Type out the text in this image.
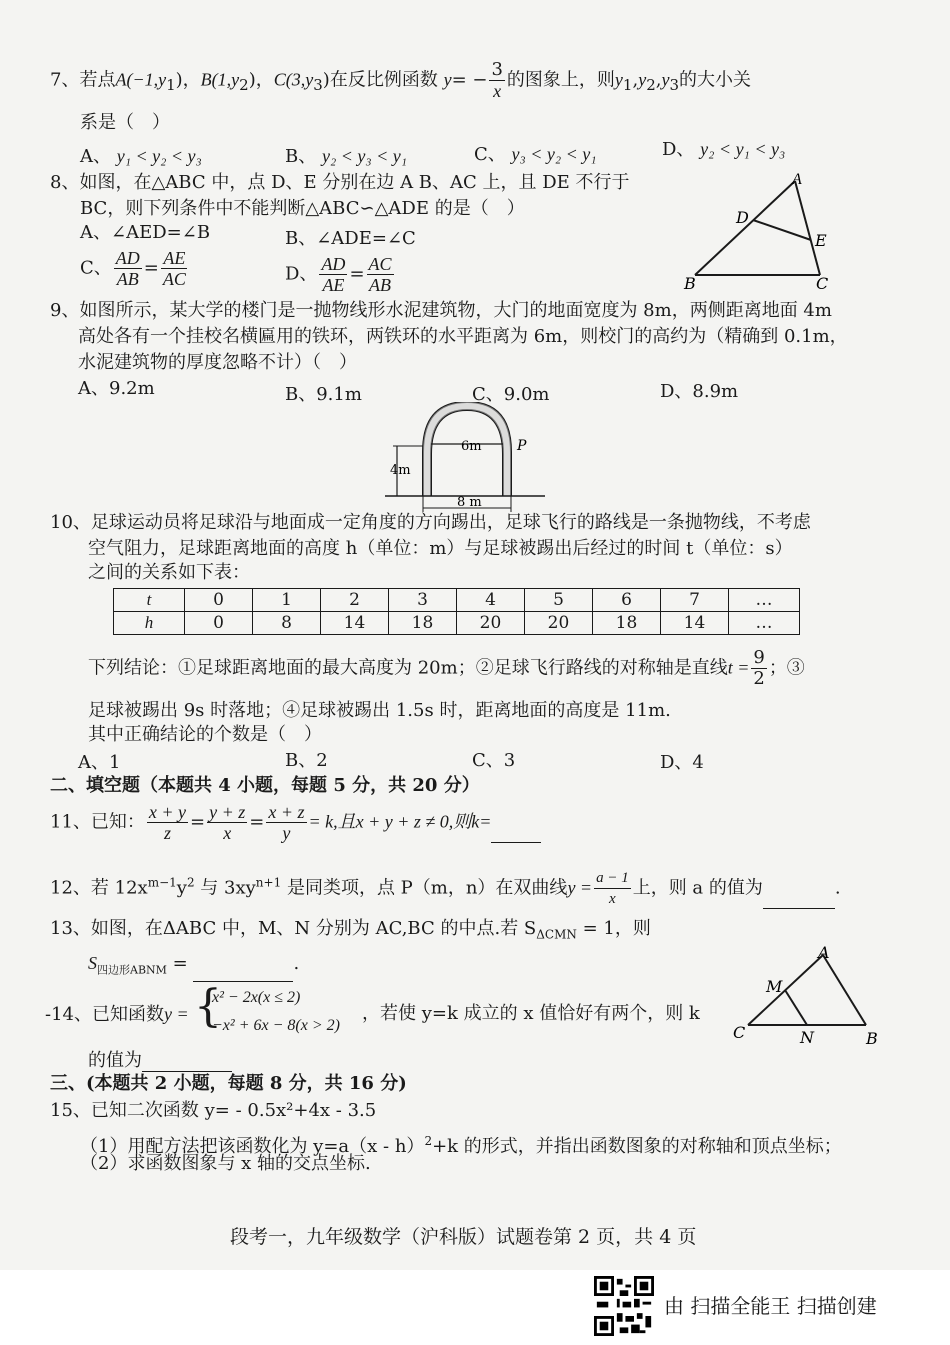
7、若点$A(-1,y_1)$，$B(1,y_2)$，$C(3,y_3)$在反比例函数 $y= - \frac{3}{x}$ 的图象上，则$y_1,y_2,y_3$的大小关
系是（　）
A、 y₁ < y₂ < y₃	B、 y₂ < y₃ < y₁	C、 y₃ < y₂ < y₁	D、 y₂ < y₁ < y₃
8、如图，在△ABC 中，点 D、E 分别在边 A B、AC 上，且 DE 不行于
BC，则下列条件中不能判断△ABC∽△ADE 的是（　）
A、∠AED=∠B	B、∠ADE=∠C
C、 $\frac{AD}{AB} = \frac{AE}{AC}$	D、 $\frac{AD}{AE} = \frac{AC}{AB}$
A
D
E
B	C
9、如图所示，某大学的楼门是一抛物线形水泥建筑物，大门的地面宽度为 8m，两侧距离地面 4m
高处各有一个挂校名横匾用的铁环，两铁环的水平距离为 6m，则校门的高约为（精确到 0.1m，
水泥建筑物的厚度忽略不计）（　）
A、9.2m	B、9.1m	C、9.0m	D、8.9m
6m	P
4m
8 m
10、足球运动员将足球沿与地面成一定角度的方向踢出，足球飞行的路线是一条抛物线，不考虑
空气阻力，足球距离地面的高度 h（单位：m）与足球被踢出后经过的时间 t（单位：s）
之间的关系如下表：
t	0	1	2	3	4	5	6	7	…
h	0	8	14	18	20	20	18	14	…
下列结论：①足球距离地面的最大高度为 20m；②足球飞行路线的对称轴是直线$t = \frac{9}{2}$ ；③
足球被踢出 9s 时落地；④足球被踢出 1.5s 时，距离地面的高度是 11m.
其中正确结论的个数是（　）
A、1	B、2	C、3	D、4
二、填空题（本题共 4 小题，每题 5 分，共 20 分）
11、已知： $\frac{x + y}{z} = \frac{y + z}{x} = \frac{x + z}{y} = k$,且x + y + z ≠ 0,则k=
12、若 $12x^{m-1}y^2$ 与 $3xy^{n+1}$ 是同类项，点 P（m，n）在双曲线$y = \frac{a - 1}{x}$ 上，则 a 的值为	.
13、如图，在ΔABC 中，M、N 分别为 AC,BC 的中点.若 $S_{\Delta CMN} = 1$，则
$S_{四边形ABNM}$ =	.
A
M
C	N	B
-14、已知函数y = {
x² − 2x(x ≤ 2)
−x² + 6x − 8(x > 2)
，若使 y=k 成立的 x 值恰好有两个，则 k
的值为
三、(本题共 2 小题，每题 8 分，共 16 分)
15、已知二次函数 y= - 0.5x²+4x - 3.5
（1）用配方法把该函数化为 y=a（x - h）$^2$+k 的形式，并指出函数图象的对称轴和顶点坐标；
（2）求函数图象与 x 轴的交点坐标.
段考一，九年级数学（沪科版）试题卷第 2 页，共 4 页
由 扫描全能王 扫描创建
